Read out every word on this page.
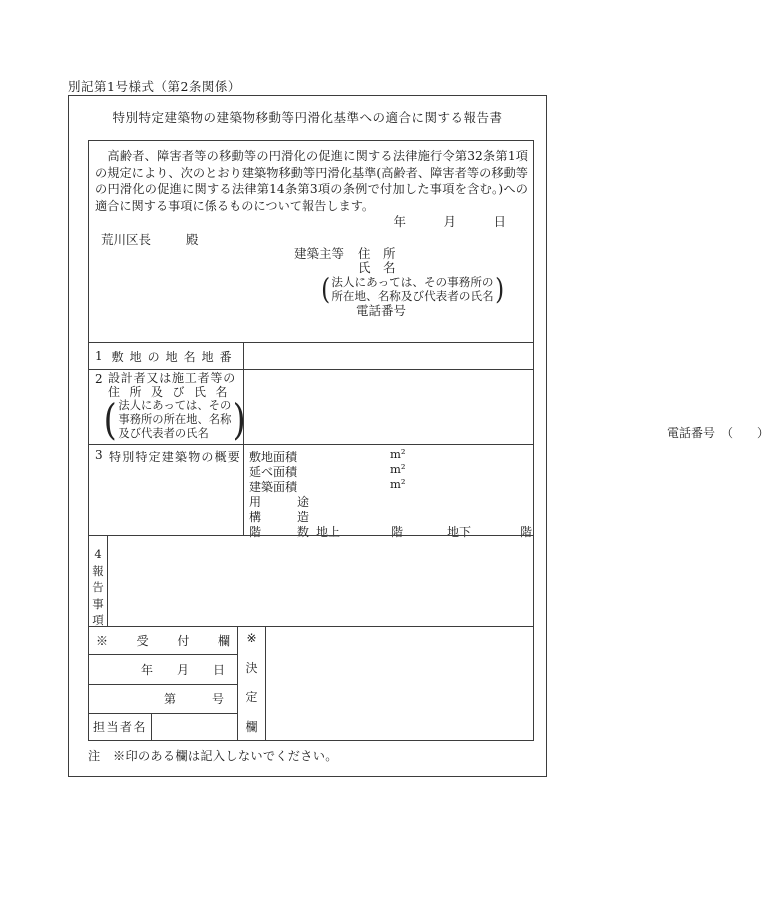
別記第1号様式（第2条関係）
特別特定建築物の建築物移動等円滑化基準への適合に関する報告書

　高齢者、障害者等の移動等の円滑化の促進に関する法律施行令第32条第1項の規定により、次のとおり建築物移動等円滑化基準(高齢者、障害者等の移動等の円滑化の促進に関する法律第14条第3項の条例で付加した事項を含む。)への適合に関する事項に係るものについて報告します。

年　　　月　　　日
荒川区長	殿
建築主等 住　所
氏　名
( 法人にあっては、その事務所の
所在地、名称及び代表者の氏名 )
電話番号
1 敷地の地名地番
2 設計者又は施工者等の
住所及び氏名
( 法人にあっては、その
事務所の所在地、名称
及び代表者の氏名 )	電話番号　（　　）
3 特別特定建築物の概要 敷地面積	m²
延べ面積	m²
建築面積	m²
用　　　途
構　　　造
階　　　数 地上	階	地下	階
4
報
告
事
項
※　受　付　欄
年　　月　　日
第　　　号
担当者名
※
決
定
欄
注　※印のある欄は記入しないでください。
